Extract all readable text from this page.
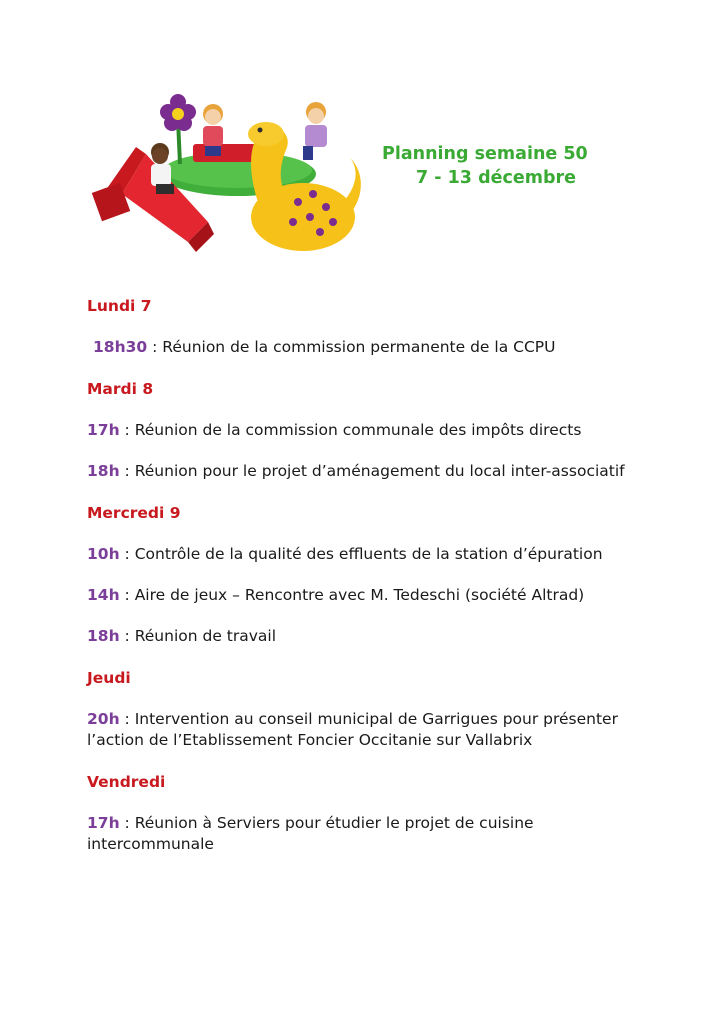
Planning semaine 50
7 - 13 décembre
Lundi 7
18h30 : Réunion de la commission permanente de la CCPU
Mardi 8
17h : Réunion de la commission communale des impôts directs
18h : Réunion pour le projet d’aménagement du local inter-associatif
Mercredi 9
10h : Contrôle de la qualité des effluents de la station d’épuration
14h : Aire de jeux – Rencontre avec M. Tedeschi (société Altrad)
18h : Réunion de travail
Jeudi
20h : Intervention au conseil municipal de Garrigues pour présenter l’action de l’Etablissement Foncier Occitanie sur Vallabrix
Vendredi
17h : Réunion à Serviers pour étudier le projet de cuisine intercommunale
